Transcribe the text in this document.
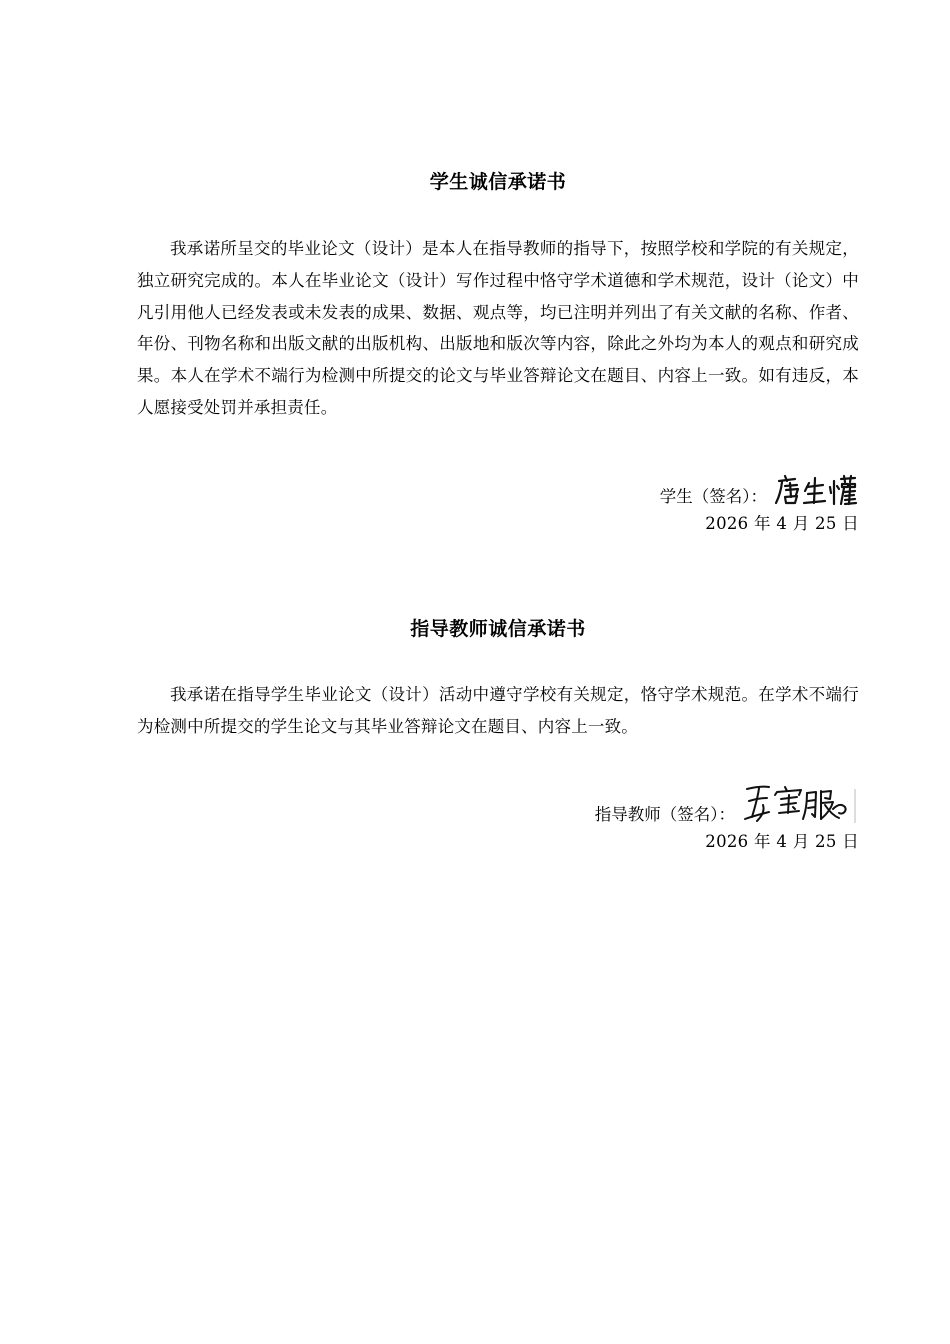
学生诚信承诺书

我承诺所呈交的毕业论文（设计）是本人在指导教师的指导下，按照学校和学院的有关规定，独立研究完成的。本人在毕业论文（设计）写作过程中恪守学术道德和学术规范，设计（论文）中凡引用他人已经发表或未发表的成果、数据、观点等，均已注明并列出了有关文献的名称、作者、年份、刊物名称和出版文献的出版机构、出版地和版次等内容，除此之外均为本人的观点和研究成果。本人在学术不端行为检测中所提交的论文与毕业答辩论文在题目、内容上一致。如有违反，本人愿接受处罚并承担责任。

学生（签名）：
2026 年 4 月 25 日
指导教师诚信承诺书

我承诺在指导学生毕业论文（设计）活动中遵守学校有关规定，恪守学术规范。在学术不端行为检测中所提交的学生论文与其毕业答辩论文在题目、内容上一致。

指导教师（签名）：
2026 年 4 月 25 日
